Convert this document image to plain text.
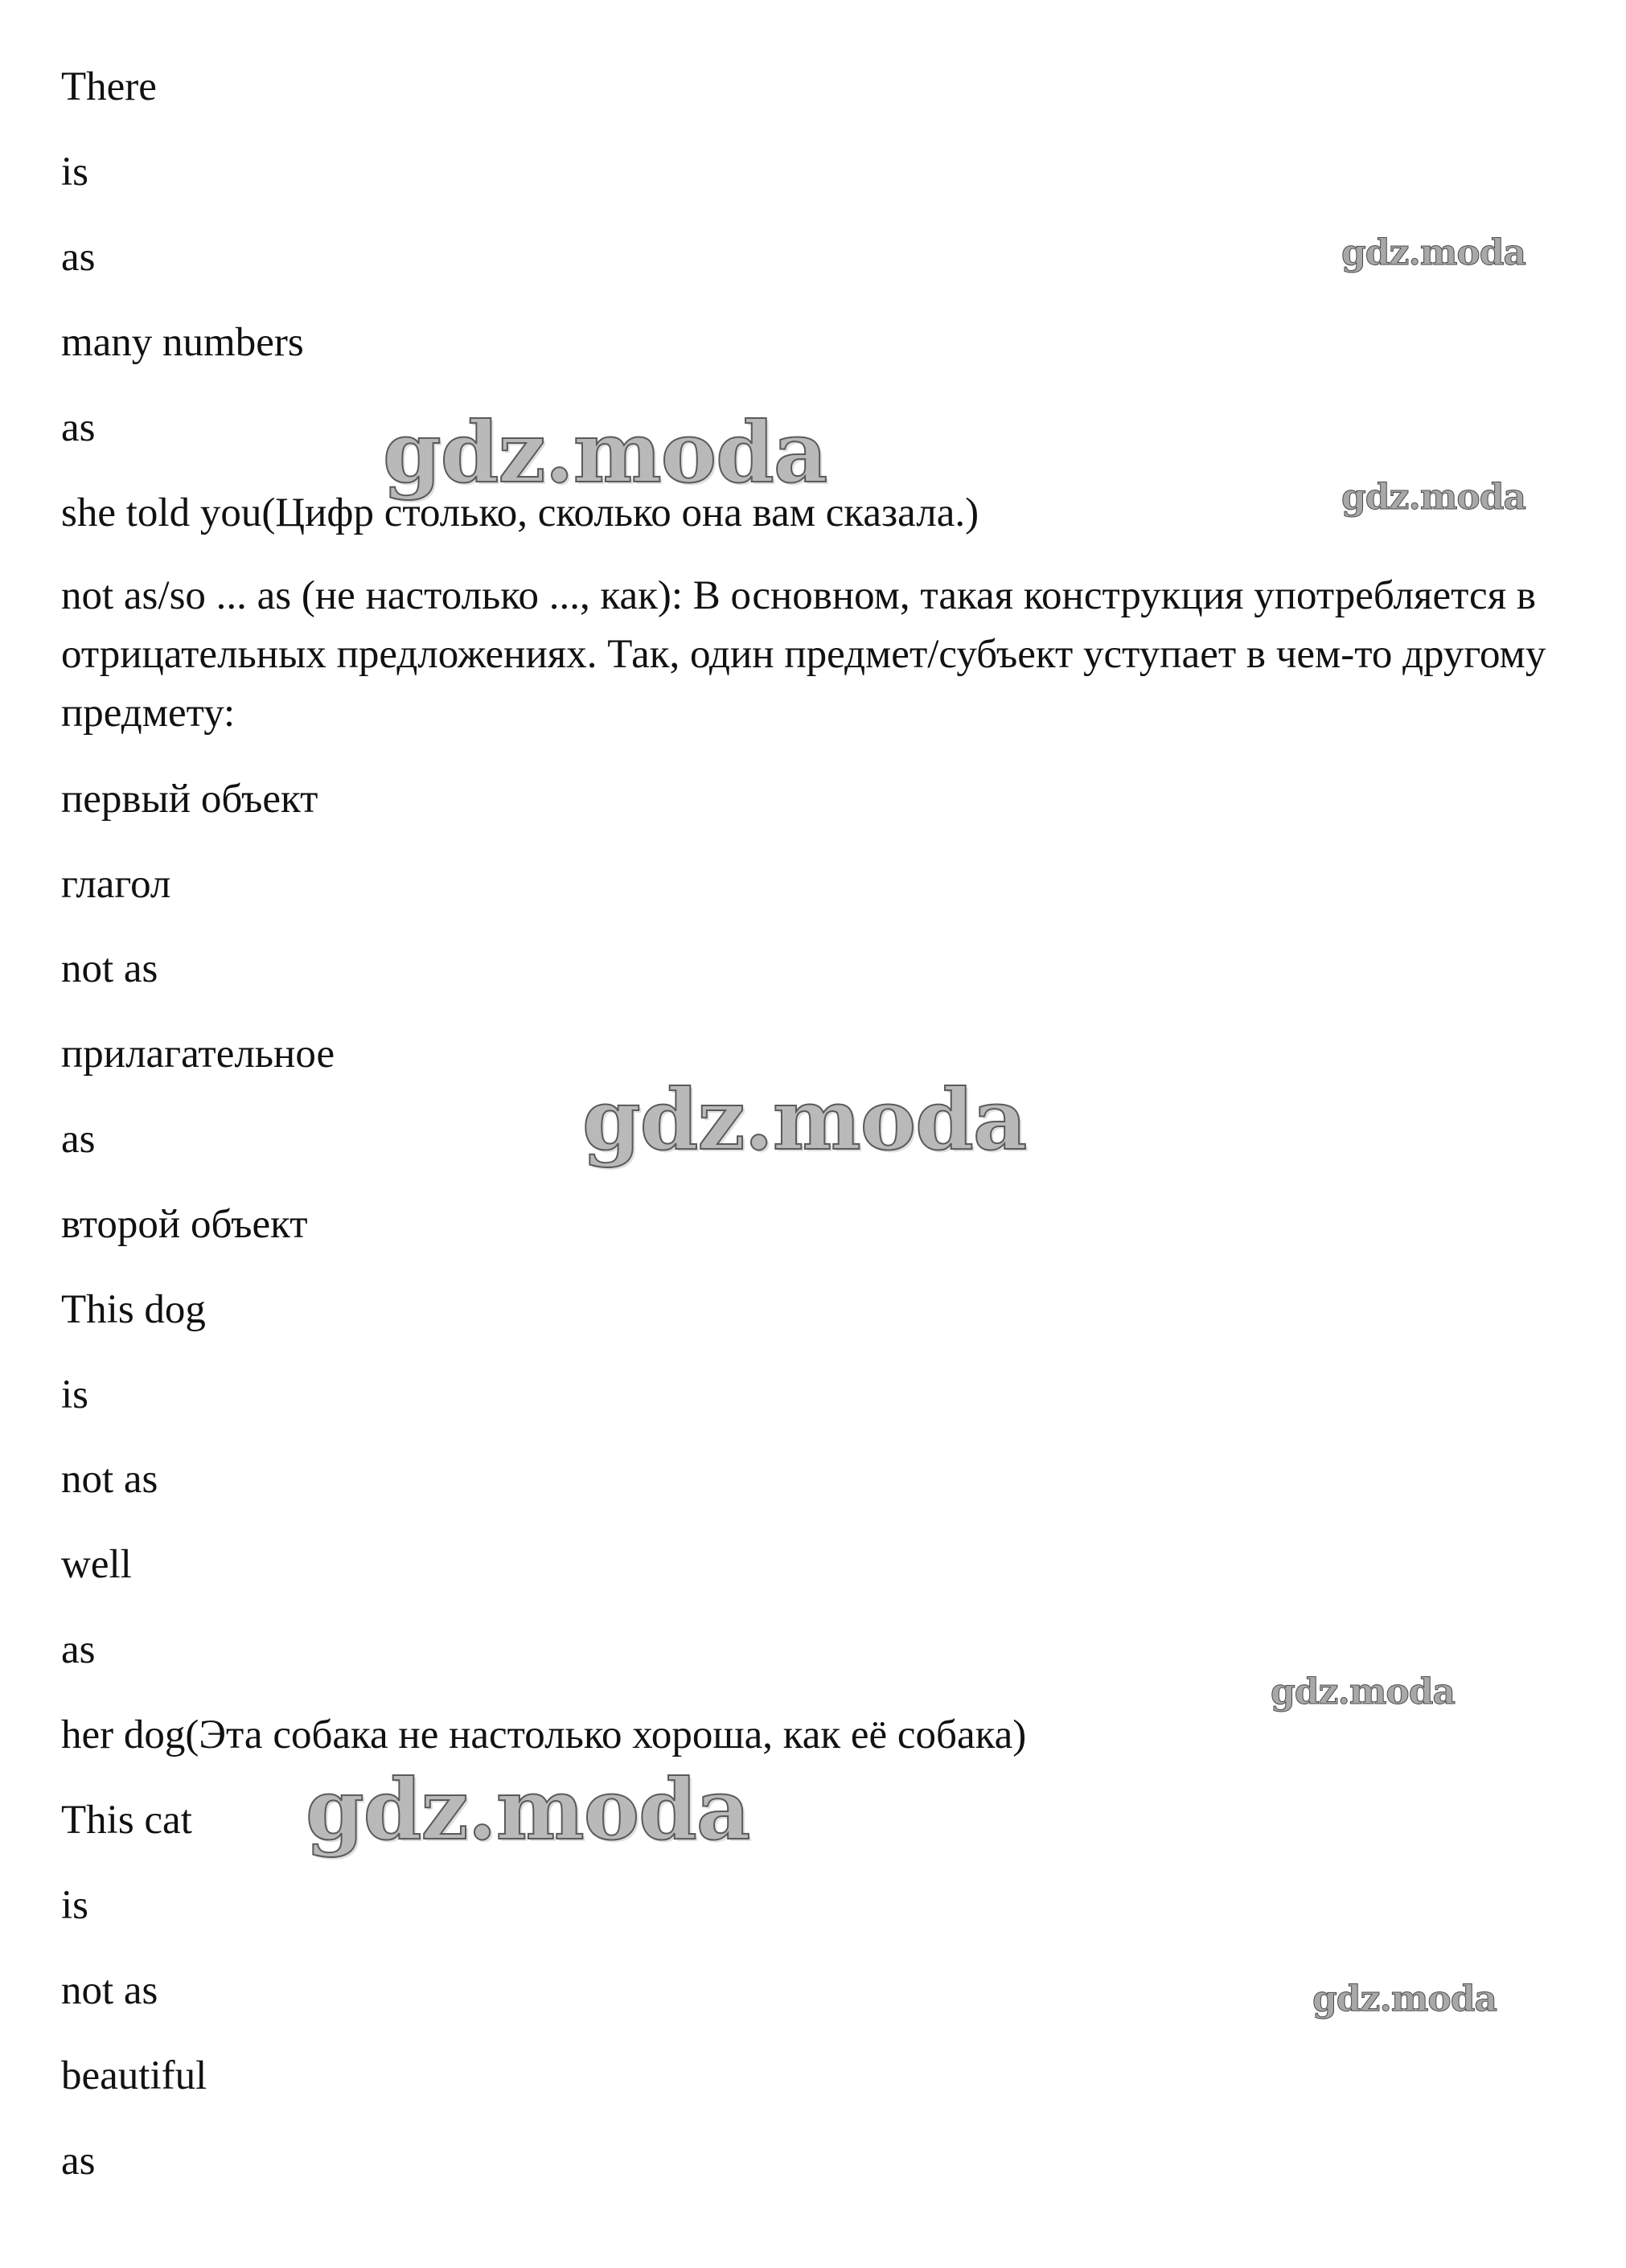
There
is
as
many numbers
as
she told you(Цифр столько, сколько она вам сказала.)
not as/so ... as (не настолько ..., как): В основном, такая конструкция употребляется в отрицательных предложениях. Так, один предмет/субъект уступает в чем-то другому предмету:
первый объект
глагол
not as
прилагательное
as
второй объект
This dog
is
not as
well
as
her dog(Эта собака не настолько хороша, как её собака)
This cat
is
not as
beautiful
as
gdz.moda
gdz.moda	gdz.moda
gdz.moda
gdz.moda
gdz.moda
gdz.moda
